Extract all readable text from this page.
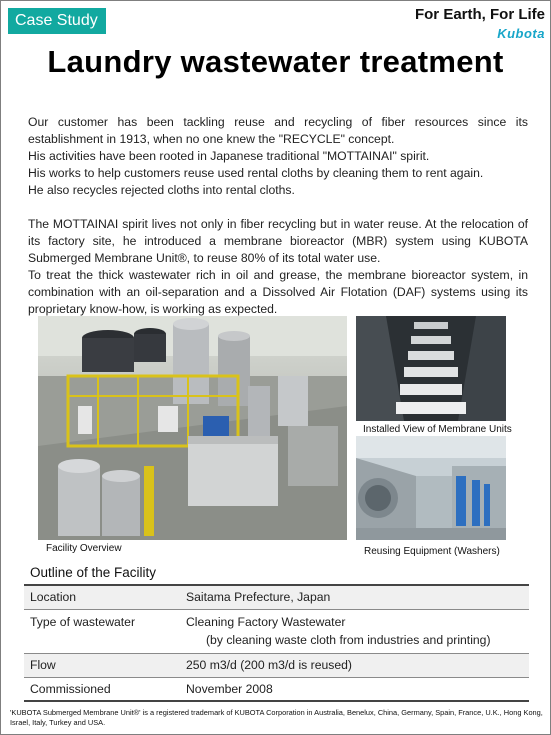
Case Study	For Earth, For Life
Kubota
Laundry wastewater treatment

Our customer has been tackling reuse and recycling of fiber resources since its establishment in 1913, when no one knew the "RECYCLE" concept.

His activities have been rooted in Japanese traditional "MOTTAINAI" spirit.

His works to help customers reuse used rental cloths by cleaning them to rent again.

He also recycles rejected cloths into rental cloths.

The MOTTAINAI spirit lives not only in fiber recycling but in water reuse. At the relocation of its factory site, he introduced a membrane bioreactor (MBR) system using KUBOTA Submerged Membrane Unit®, to reuse 80% of its total water use.

To treat the thick wastewater rich in oil and grease, the membrane bioreactor system, in combination with an oil-separation and a Dissolved Air Flotation (DAF) systems using its proprietary know-how, is working as expected.

Installed View of Membrane Units
Facility Overview	Reusing Equipment (Washers)
Outline of the Facility
Location	Saitama Prefecture, Japan
Type of wastewater	Cleaning Factory Wastewater
(by cleaning waste cloth from industries and printing)

Flow	250 m3/d (200 m3/d is reused)
Commissioned	November 2008
'KUBOTA Submerged Membrane Unit®' is a registered trademark of KUBOTA Corporation in Australia, Benelux, China, Germany, Spain, France, U.K., Hong Kong, Israel, Italy, Turkey and USA.
